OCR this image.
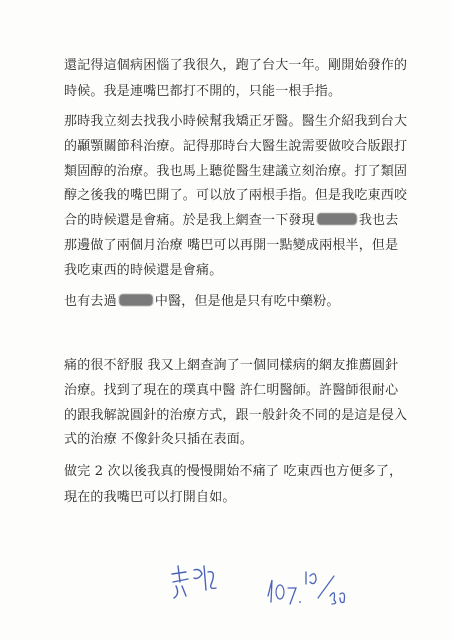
還記得這個病困惱了我很久，跑了台大一年。剛開始發作的
時候。我是連嘴巴都打不開的，只能一根手指。
那時我立刻去找我小時候幫我矯正牙醫。醫生介紹我到台大
的顳顎關節科治療。記得那時台大醫生說需要做咬合版跟打
類固醇的治療。我也馬上聽從醫生建議立刻治療。打了類固
醇之後我的嘴巴開了。可以放了兩根手指。但是我吃東西咬
合的時候還是會痛。於是我上網查一下發現	我也去
那邊做了兩個月治療 嘴巴可以再開一點變成兩根半，但是
我吃東西的時候還是會痛。
也有去過	中醫，但是他是只有吃中藥粉。
痛的很不舒服 我又上網查詢了一個同樣病的網友推薦圓針
治療。找到了現在的璞真中醫 許仁明醫師。許醫師很耐心
的跟我解說圓針的治療方式，跟一般針灸不同的是這是侵入
式的治療 不像針灸只插在表面。
做完 2 次以後我真的慢慢開始不痛了 吃東西也方便多了，
現在的我嘴巴可以打開自如。
